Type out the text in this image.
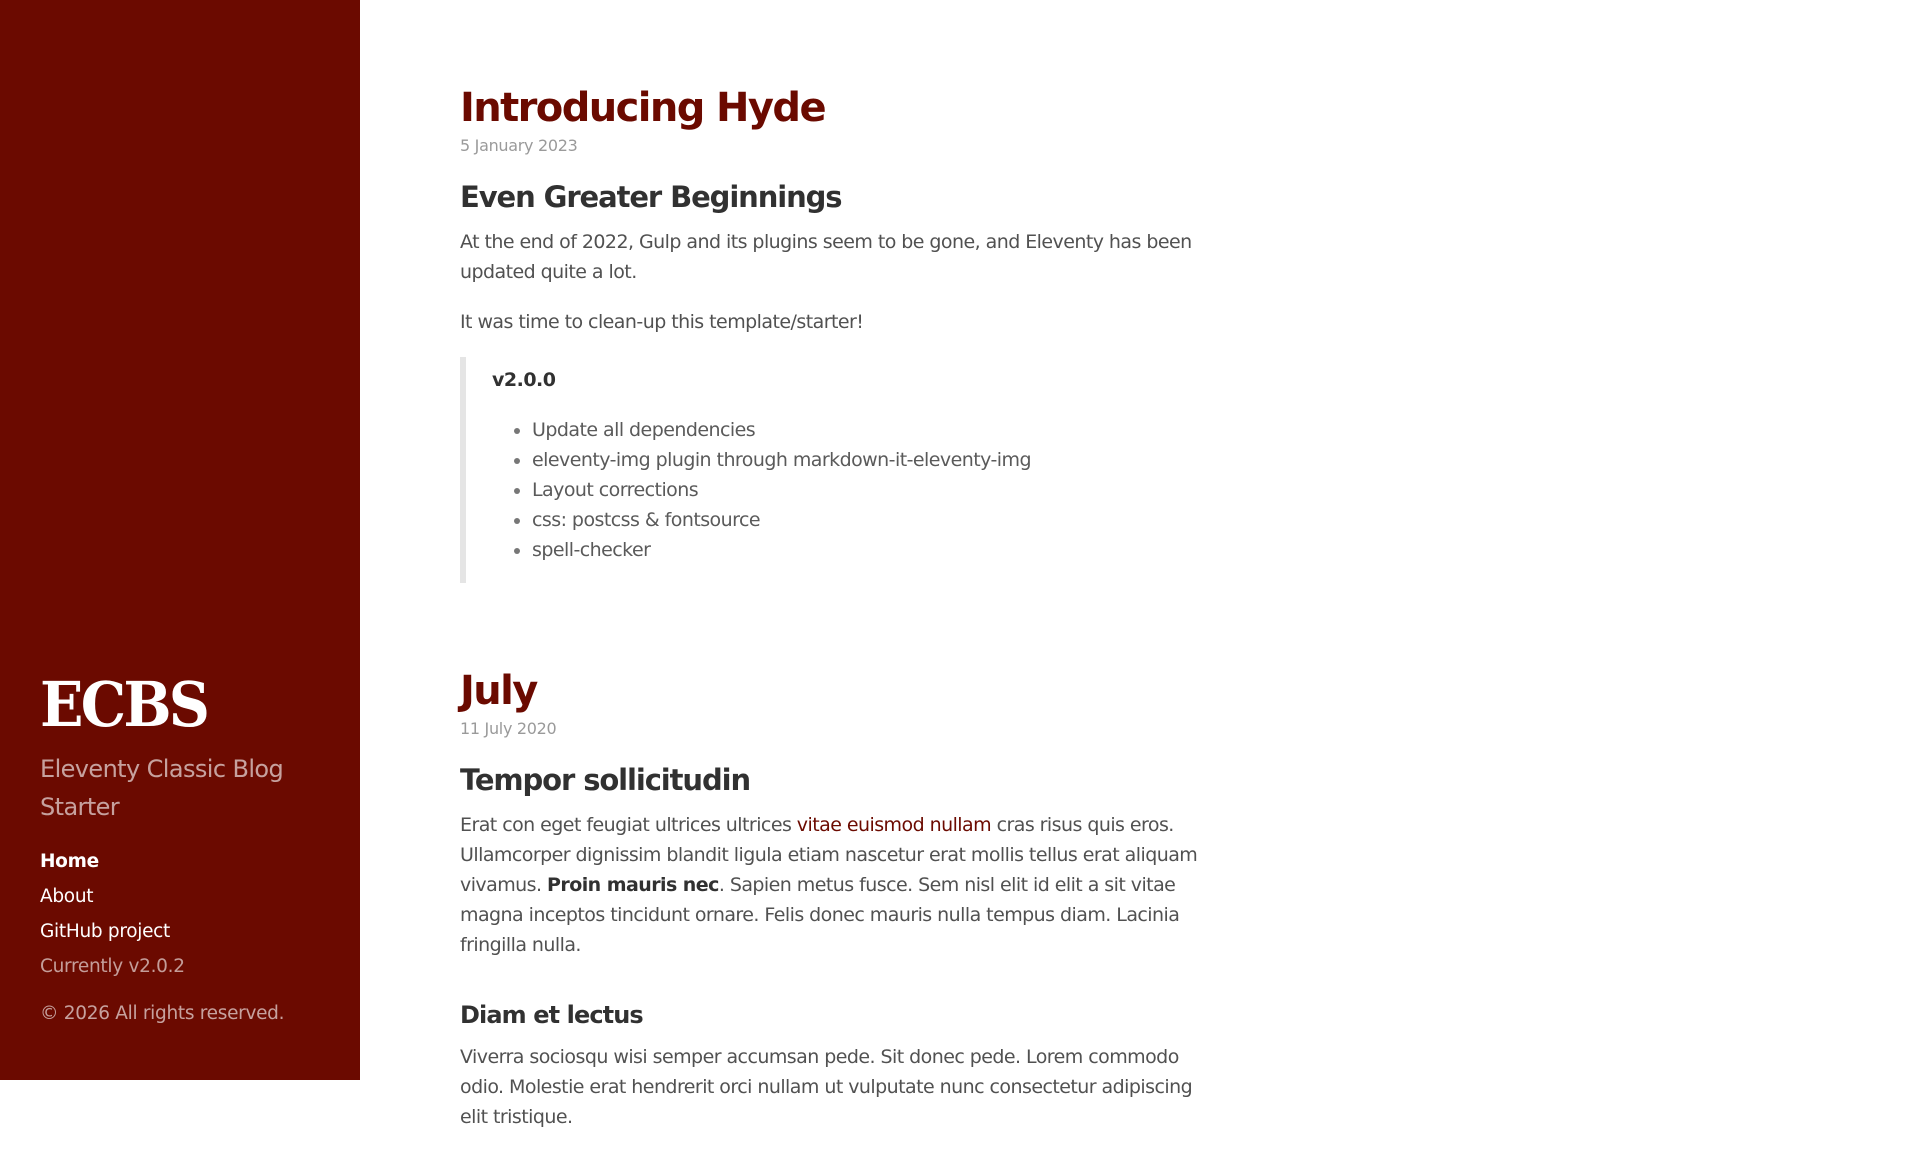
ECBS

Eleventy Classic Blog Starter

Home
About
GitHub project
Currently v2.0.2

© 2026 All rights reserved.

Introducing Hyde
5 January 2023
Even Greater Beginnings

At the end of 2022, Gulp and its plugins seem to be gone, and Eleventy has been updated quite a lot.

It was time to clean-up this template/starter!

v2.0.0

• Update all dependencies
• eleventy-img plugin through markdown-it-eleventy-img
• Layout corrections
• css: postcss & fontsource
• spell-checker
July
11 July 2020
Tempor sollicitudin

Erat con eget feugiat ultrices ultrices vitae euismod nullam cras risus quis eros. Ullamcorper dignissim blandit ligula etiam nascetur erat mollis tellus erat aliquam vivamus. Proin mauris nec. Sapien metus fusce. Sem nisl elit id elit a sit vitae magna inceptos tincidunt ornare. Felis donec mauris nulla tempus diam. Lacinia fringilla nulla.

Diam et lectus

Viverra sociosqu wisi semper accumsan pede. Sit donec pede. Lorem commodo odio. Molestie erat hendrerit orci nullam ut vulputate nunc consectetur adipiscing elit tristique.
